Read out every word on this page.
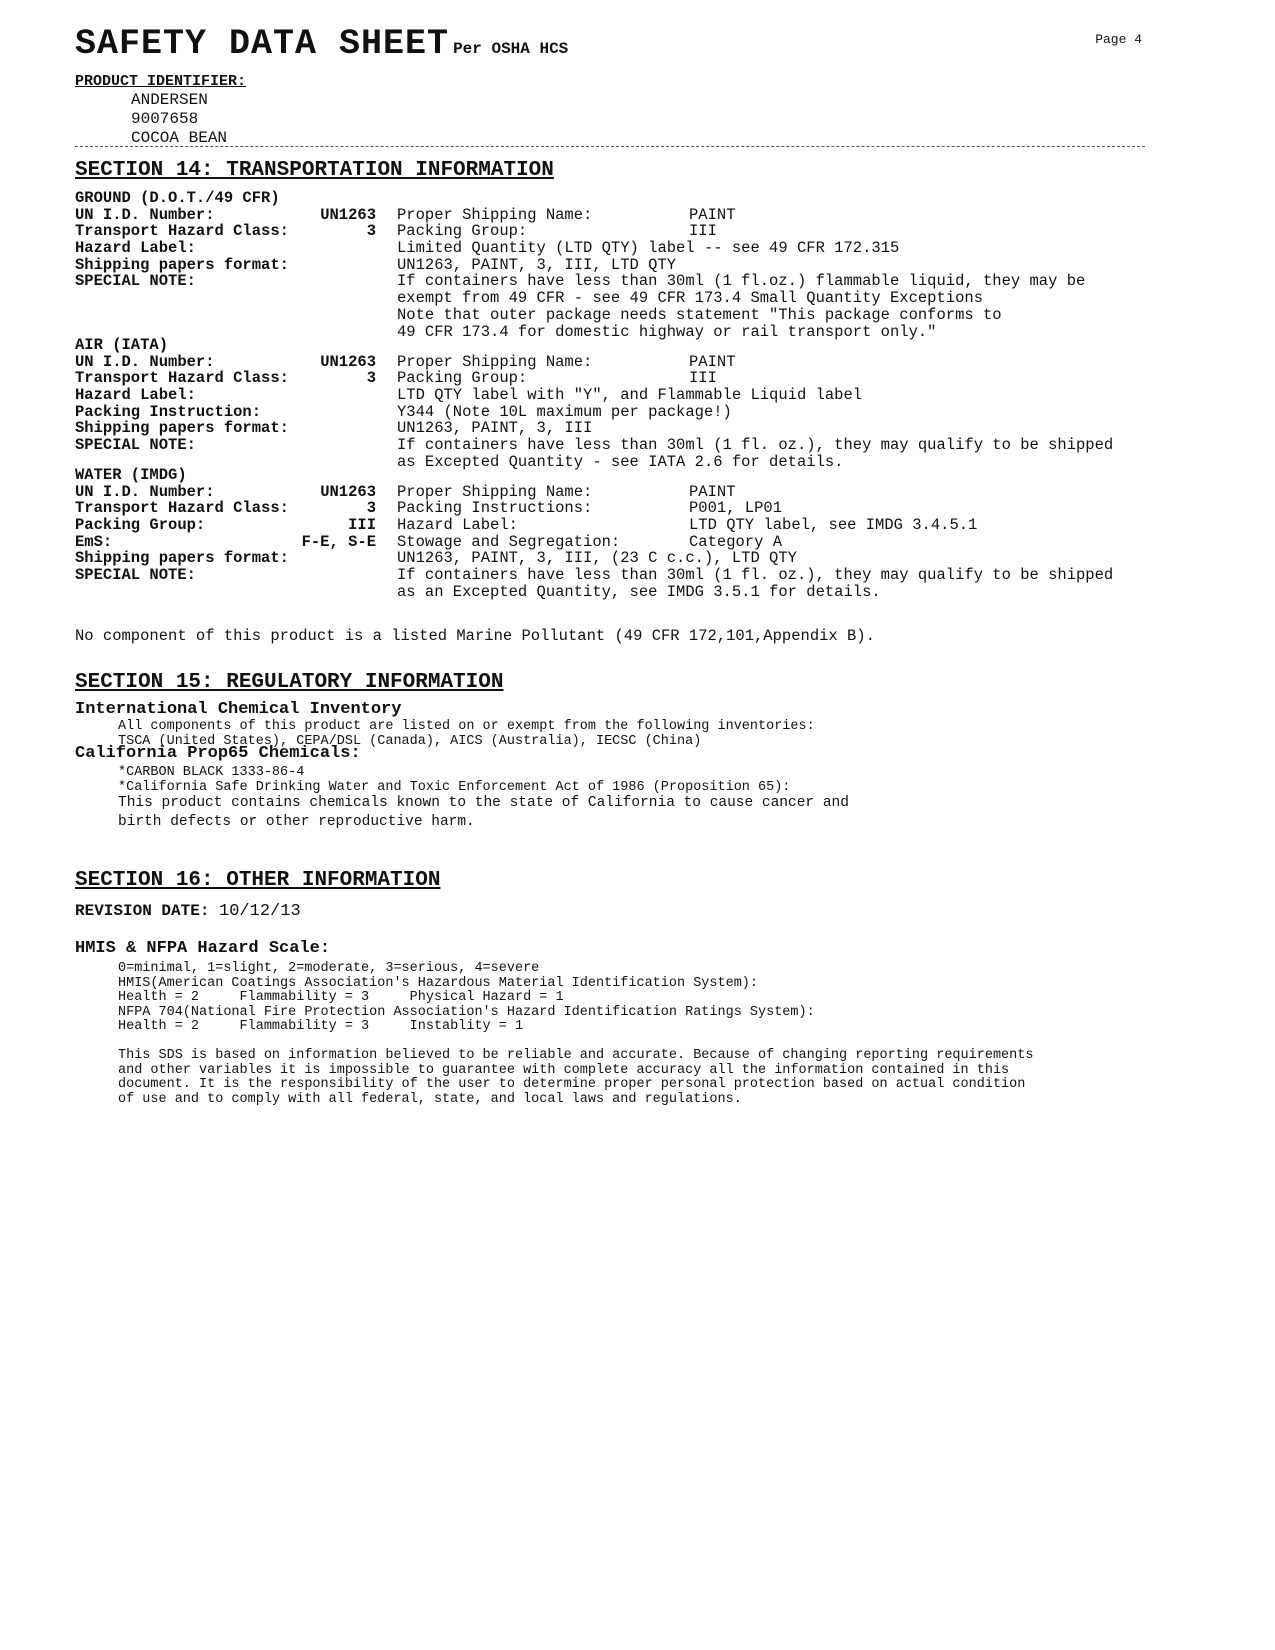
SAFETY DATA SHEET Per OSHA HCS
Page 4
PRODUCT IDENTIFIER:
ANDERSEN
9007658
COCOA BEAN
SECTION 14: TRANSPORTATION INFORMATION
GROUND (D.O.T./49 CFR)
UN I.D. Number:	UN1263 Proper Shipping Name:	PAINT
Transport Hazard Class:	3 Packing Group:	III
Hazard Label:	Limited Quantity (LTD QTY) label -- see 49 CFR 172.315
Shipping papers format:	UN1263, PAINT, 3, III, LTD QTY
SPECIAL NOTE:	If containers have less than 30ml (1 fl.oz.) flammable liquid, they may be
exempt from 49 CFR - see 49 CFR 173.4 Small Quantity Exceptions
Note that outer package needs statement "This package conforms to
49 CFR 173.4 for domestic highway or rail transport only."
AIR (IATA)
UN I.D. Number:	UN1263 Proper Shipping Name:	PAINT
Transport Hazard Class:	3 Packing Group:	III
Hazard Label:	LTD QTY label with "Y", and Flammable Liquid label
Packing Instruction:	Y344 (Note 10L maximum per package!)
Shipping papers format:	UN1263, PAINT, 3, III
SPECIAL NOTE:	If containers have less than 30ml (1 fl. oz.), they may qualify to be shipped
as Excepted Quantity - see IATA 2.6 for details.
WATER (IMDG)
UN I.D. Number:	UN1263 Proper Shipping Name:	PAINT
Transport Hazard Class:	3 Packing Instructions:	P001, LP01
Packing Group:	III Hazard Label:	LTD QTY label, see IMDG 3.4.5.1
EmS:	F-E, S-E Stowage and Segregation:	Category A
Shipping papers format:	UN1263, PAINT, 3, III, (23 C c.c.), LTD QTY
SPECIAL NOTE:	If containers have less than 30ml (1 fl. oz.), they may qualify to be shipped
as an Excepted Quantity, see IMDG 3.5.1 for details.
No component of this product is a listed Marine Pollutant (49 CFR 172,101,Appendix B).
SECTION 15: REGULATORY INFORMATION
International Chemical Inventory
All components of this product are listed on or exempt from the following inventories:
TSCA (United States), CEPA/DSL (Canada), AICS (Australia), IECSC (China)
California Prop65 Chemicals:
*CARBON BLACK 1333-86-4
*California Safe Drinking Water and Toxic Enforcement Act of 1986 (Proposition 65):
This product contains chemicals known to the state of California to cause cancer and
birth defects or other reproductive harm.
SECTION 16: OTHER INFORMATION
REVISION DATE: 10/12/13
HMIS & NFPA Hazard Scale:
0=minimal, 1=slight, 2=moderate, 3=serious, 4=severe
HMIS(American Coatings Association's Hazardous Material Identification System):
Health = 2     Flammability = 3     Physical Hazard = 1
NFPA 704(National Fire Protection Association's Hazard Identification Ratings System):
Health = 2     Flammability = 3     Instablity = 1
This SDS is based on information believed to be reliable and accurate. Because of changing reporting requirements
and other variables it is impossible to guarantee with complete accuracy all the information contained in this
document. It is the responsibility of the user to determine proper personal protection based on actual condition
of use and to comply with all federal, state, and local laws and regulations.
